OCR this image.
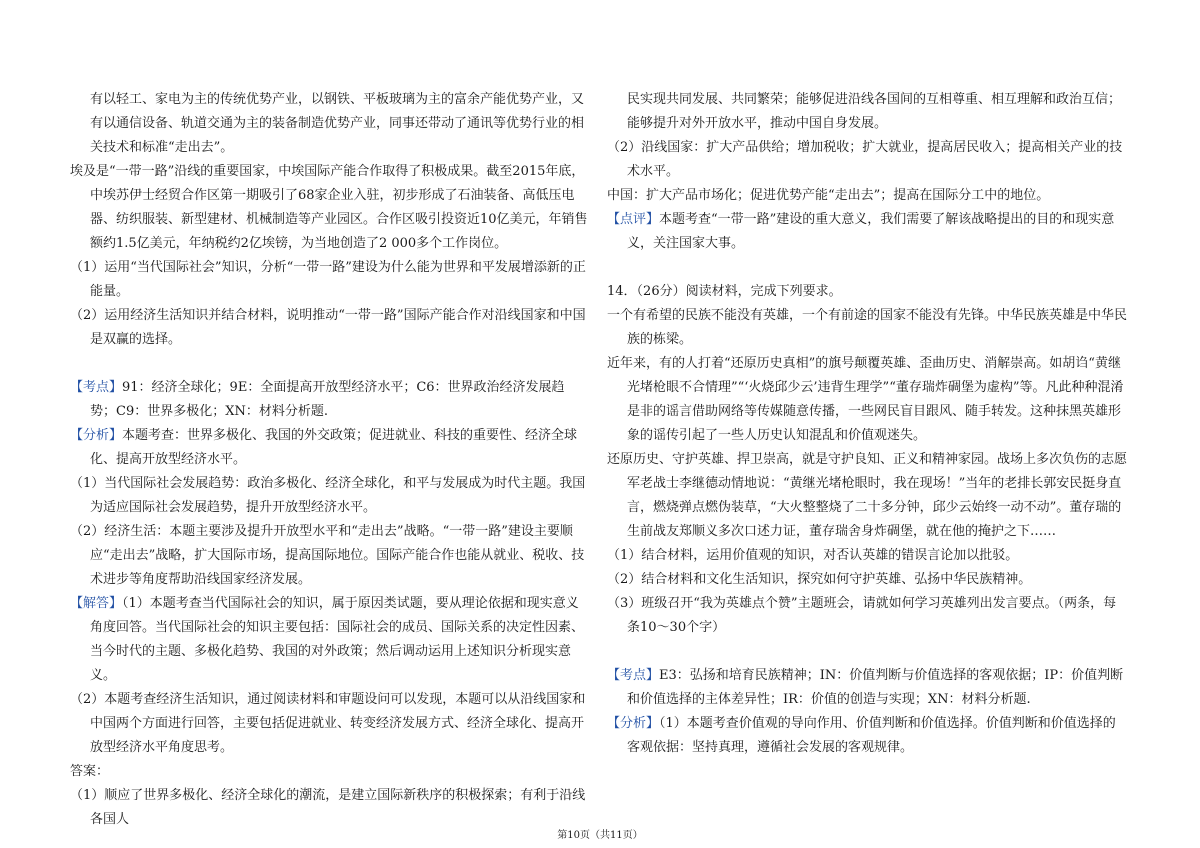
有以轻工、家电为主的传统优势产业，以钢铁、平板玻璃为主的富余产能优势产业，又有以通信设备、轨道交通为主的装备制造优势产业，同事还带动了通讯等优势行业的相关技术和标准“走出去”。

埃及是“一带一路”沿线的重要国家，中埃国际产能合作取得了积极成果。截至2015年底，中埃苏伊士经贸合作区第一期吸引了68家企业入驻，初步形成了石油装备、高低压电器、纺织服装、新型建材、机械制造等产业园区。合作区吸引投资近10亿美元，年销售额约1.5亿美元，年纳税约2亿埃镑，为当地创造了2 000多个工作岗位。

（1）运用“当代国际社会”知识，分析“一带一路”建设为什么能为世界和平发展增添新的正能量。

（2）运用经济生活知识并结合材料，说明推动“一带一路”国际产能合作对沿线国家和中国是双赢的选择。

【考点】91：经济全球化；9E：全面提高开放型经济水平；C6：世界政治经济发展趋势；C9：世界多极化；XN：材料分析题.

【分析】本题考查：世界多极化、我国的外交政策；促进就业、科技的重要性、经济全球化、提高开放型经济水平。

（1）当代国际社会发展趋势：政治多极化、经济全球化，和平与发展成为时代主题。我国为适应国际社会发展趋势，提升开放型经济水平。

（2）经济生活：本题主要涉及提升开放型水平和“走出去”战略。“一带一路”建设主要顺应“走出去”战略，扩大国际市场，提高国际地位。国际产能合作也能从就业、税收、技术进步等角度帮助沿线国家经济发展。

【解答】（1）本题考查当代国际社会的知识，属于原因类试题，要从理论依据和现实意义角度回答。当代国际社会的知识主要包括：国际社会的成员、国际关系的决定性因素、当今时代的主题、多极化趋势、我国的对外政策；然后调动运用上述知识分析现实意义。

（2）本题考查经济生活知识，通过阅读材料和审题设问可以发现，本题可以从沿线国家和中国两个方面进行回答，主要包括促进就业、转变经济发展方式、经济全球化、提高开放型经济水平角度思考。

答案：

（1）顺应了世界多极化、经济全球化的潮流，是建立国际新秩序的积极探索；有利于沿线各国人

民实现共同发展、共同繁荣；能够促进沿线各国间的互相尊重、相互理解和政治互信；能够提升对外开放水平，推动中国自身发展。

（2）沿线国家：扩大产品供给；增加税收；扩大就业，提高居民收入；提高相关产业的技术水平。

中国：扩大产品市场化；促进优势产能“走出去”；提高在国际分工中的地位。

【点评】本题考查“一带一路”建设的重大意义，我们需要了解该战略提出的目的和现实意义，关注国家大事。

14．（26分）阅读材料，完成下列要求。

一个有希望的民族不能没有英雄，一个有前途的国家不能没有先锋。中华民族英雄是中华民族的栋梁。

近年来，有的人打着“还原历史真相”的旗号颠覆英雄、歪曲历史、消解崇高。如胡诌“黄继光堵枪眼不合情理”“‘火烧邱少云’违背生理学”“董存瑞炸碉堡为虚构”等。凡此种种混淆是非的谣言借助网络等传媒随意传播，一些网民盲目跟风、随手转发。这种抹黑英雄形象的谣传引起了一些人历史认知混乱和价值观迷失。

还原历史、守护英雄、捍卫崇高，就是守护良知、正义和精神家园。战场上多次负伤的志愿军老战士李继德动情地说：“黄继光堵枪眼时，我在现场！”当年的老排长郭安民挺身直言，燃烧弹点燃伪装草，“大火整整烧了二十多分钟，邱少云始终一动不动”。董存瑞的生前战友郑顺义多次口述力证，董存瑞舍身炸碉堡，就在他的掩护之下……

（1）结合材料，运用价值观的知识，对否认英雄的错误言论加以批驳。

（2）结合材料和文化生活知识，探究如何守护英雄、弘扬中华民族精神。

（3）班级召开“我为英雄点个赞”主题班会，请就如何学习英雄列出发言要点。（两条，每条10～30个字）

【考点】E3：弘扬和培育民族精神；IN：价值判断与价值选择的客观依据；IP：价值判断和价值选择的主体差异性；IR：价值的创造与实现；XN：材料分析题.

【分析】（1）本题考查价值观的导向作用、价值判断和价值选择。价值判断和价值选择的客观依据：坚持真理，遵循社会发展的客观规律。

第10页（共11页）
